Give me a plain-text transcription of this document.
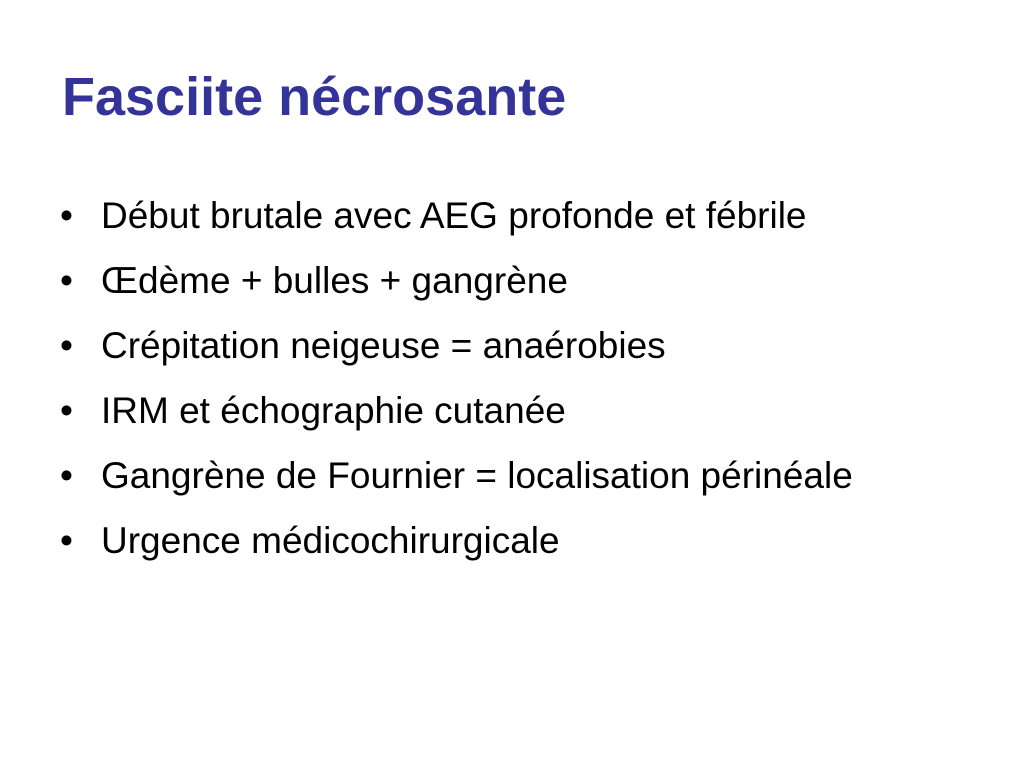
Fasciite nécrosante
• Début brutale avec AEG profonde et fébrile
• Œdème + bulles + gangrène
• Crépitation neigeuse = anaérobies
• IRM et échographie cutanée
• Gangrène de Fournier = localisation périnéale
• Urgence médicochirurgicale
